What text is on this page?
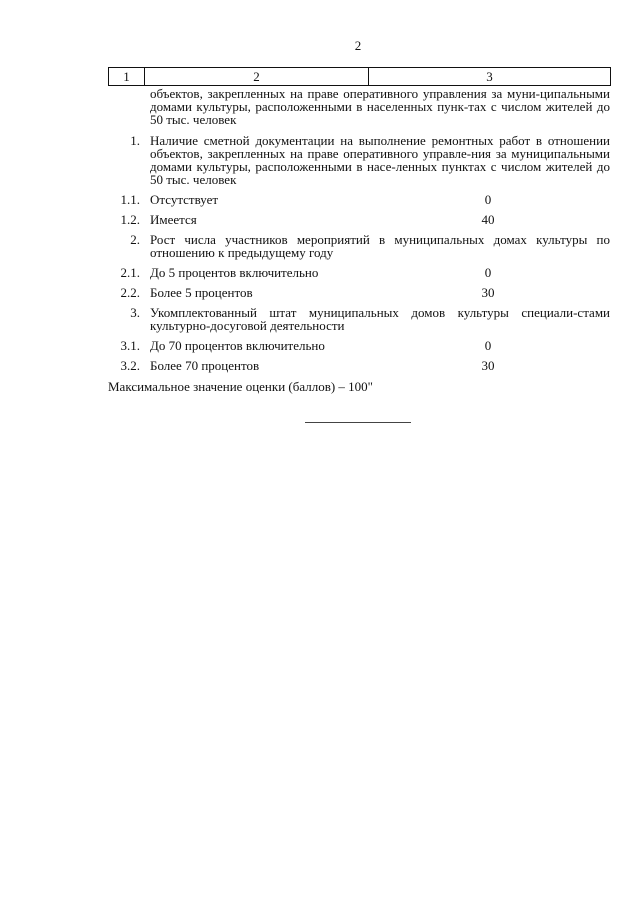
2
1	2	3
объектов, закрепленных на праве оперативного управления за муни-ципальными домами культуры, расположенными в населенных пунк-тах с числом жителей до 50 тыс. человек
1. Наличие сметной документации на выполнение ремонтных работ в отношении объектов, закрепленных на праве оперативного управле-ния за муниципальными домами культуры, расположенными в насе-ленных пунктах с числом жителей до 50 тыс. человек
1.1. Отсутствует	0
1.2. Имеется	40
2. Рост числа участников мероприятий в муниципальных домах культуры по отношению к предыдущему году
2.1. До 5 процентов включительно	0
2.2. Более 5 процентов	30
3. Укомплектованный штат муниципальных домов культуры специали-стами культурно-досуговой деятельности
3.1. До 70 процентов включительно	0
3.2. Более 70 процентов	30
Максимальное значение оценки (баллов) – 100"
